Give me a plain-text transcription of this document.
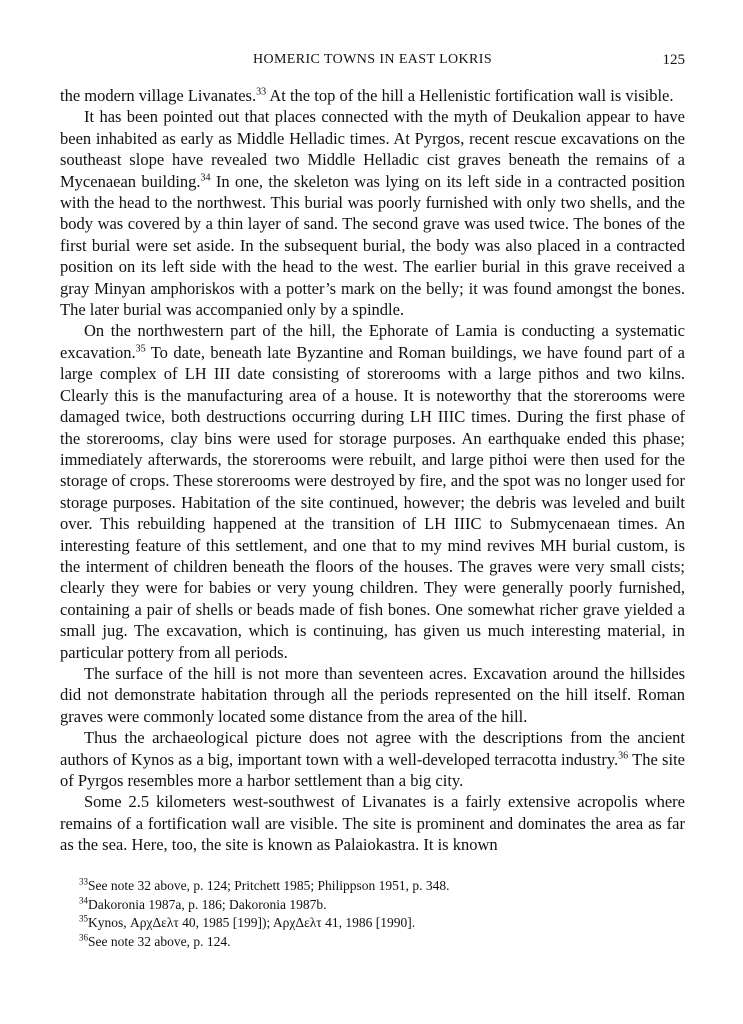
HOMERIC TOWNS IN EAST LOKRIS	125

the modern village Livanates.$^{33}$ At the top of the hill a Hellenistic fortification wall is visible.

It has been pointed out that places connected with the myth of Deukalion appear to have been inhabited as early as Middle Helladic times. At Pyrgos, recent rescue excavations on the southeast slope have revealed two Middle Helladic cist graves beneath the remains of a Mycenaean building.$^{34}$ In one, the skeleton was lying on its left side in a contracted position with the head to the northwest. This burial was poorly furnished with only two shells, and the body was covered by a thin layer of sand. The second grave was used twice. The bones of the first burial were set aside. In the subsequent burial, the body was also placed in a contracted position on its left side with the head to the west. The earlier burial in this grave received a gray Minyan amphoriskos with a potter’s mark on the belly; it was found amongst the bones. The later burial was accompanied only by a spindle.

On the northwestern part of the hill, the Ephorate of Lamia is conducting a systematic excavation.$^{35}$ To date, beneath late Byzantine and Roman buildings, we have found part of a large complex of LH III date consisting of storerooms with a large pithos and two kilns. Clearly this is the manufacturing area of a house. It is noteworthy that the storerooms were damaged twice, both destructions occurring during LH IIIC times. During the first phase of the storerooms, clay bins were used for storage purposes. An earthquake ended this phase; immediately afterwards, the storerooms were rebuilt, and large pithoi were then used for the storage of crops. These storerooms were destroyed by fire, and the spot was no longer used for storage purposes. Habitation of the site continued, however; the debris was leveled and built over. This rebuilding happened at the transition of LH IIIC to Submycenaean times. An interesting feature of this settlement, and one that to my mind revives MH burial custom, is the interment of children beneath the floors of the houses. The graves were very small cists; clearly they were for babies or very young children. They were generally poorly furnished, containing a pair of shells or beads made of fish bones. One somewhat richer grave yielded a small jug. The excavation, which is continuing, has given us much interesting material, in particular pottery from all periods.

The surface of the hill is not more than seventeen acres. Excavation around the hillsides did not demonstrate habitation through all the periods represented on the hill itself. Roman graves were commonly located some distance from the area of the hill.

Thus the archaeological picture does not agree with the descriptions from the ancient authors of Kynos as a big, important town with a well-developed terracotta industry.$^{36}$ The site of Pyrgos resembles more a harbor settlement than a big city.

Some 2.5 kilometers west-southwest of Livanates is a fairly extensive acropolis where remains of a fortification wall are visible. The site is prominent and dominates the area as far as the sea. Here, too, the site is known as Palaiokastra. It is known

$^{33}$See note 32 above, p. 124; Pritchett 1985; Philippson 1951, p. 348.

$^{34}$Dakoronia 1987a, p. 186; Dakoronia 1987b.

$^{35}$Kynos, ΑρχΔελτ 40, 1985 [199]); ΑρχΔελτ 41, 1986 [1990].

$^{36}$See note 32 above, p. 124.
